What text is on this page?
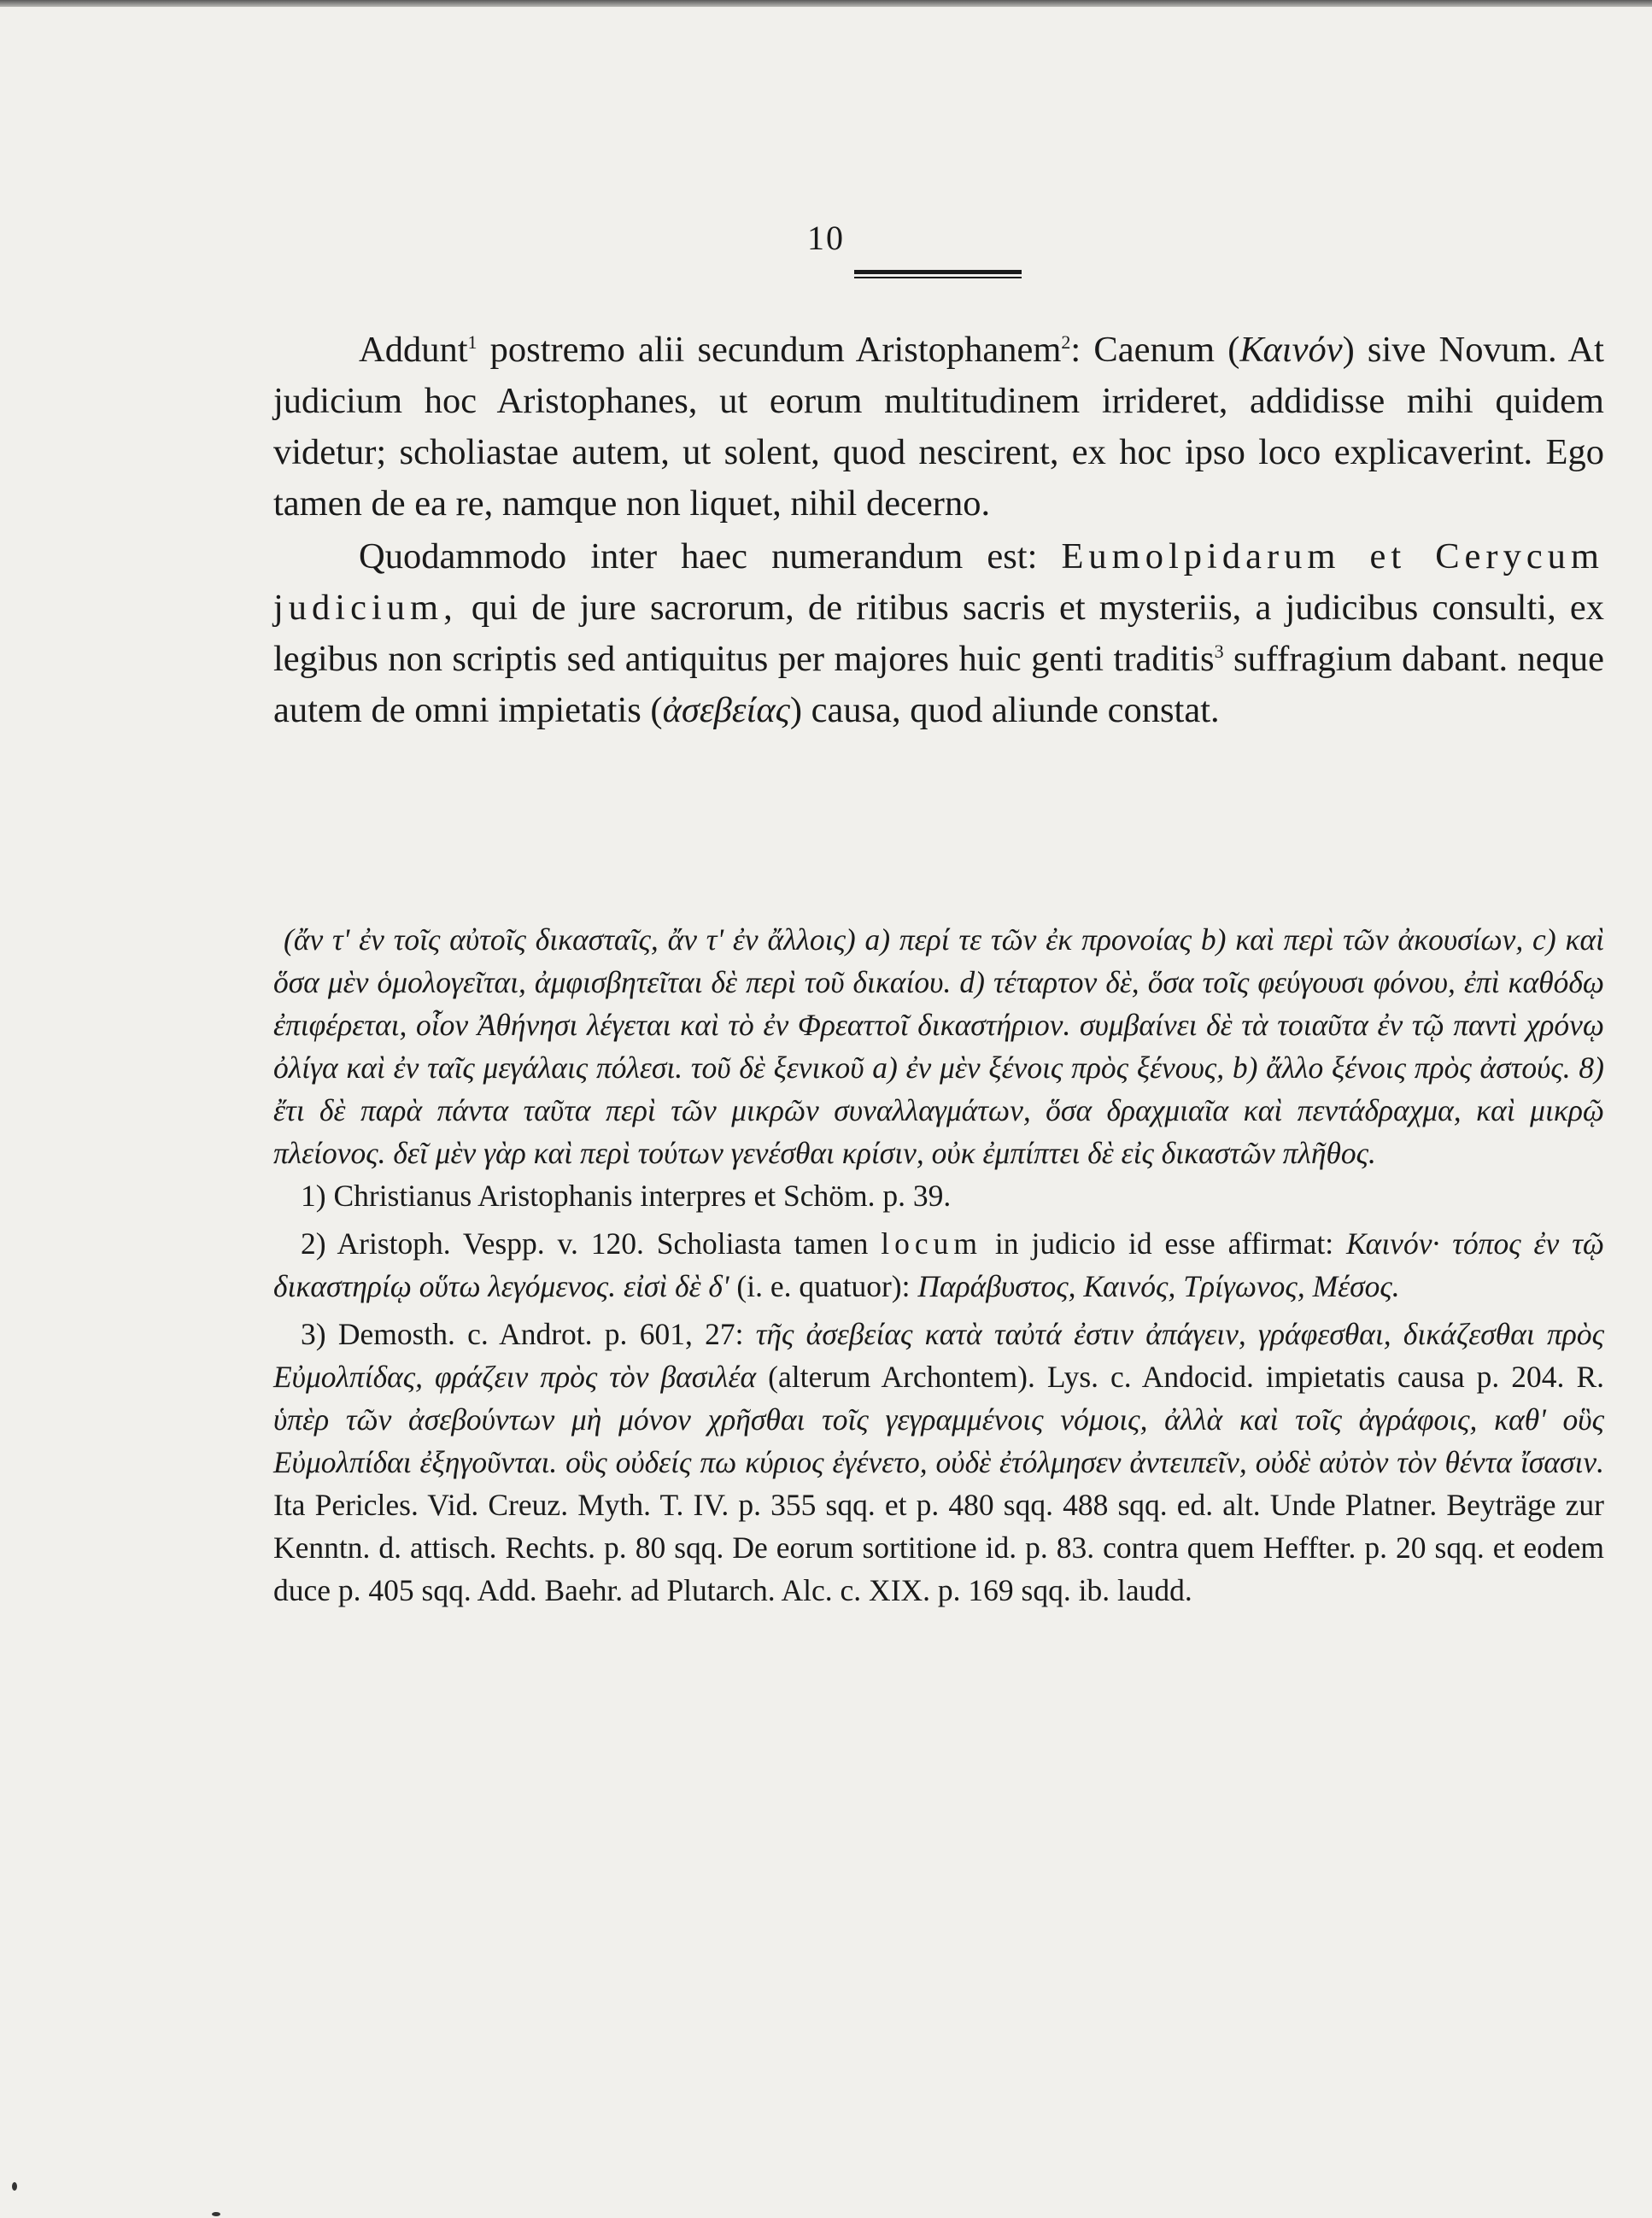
10

Addunt$^1$ postremo alii secundum Aristophanem$^2$: Caenum (Καινόν) sive Novum. At judicium hoc Aristophanes, ut eorum multitudinem irrideret, addidisse mihi quidem videtur; scholiastae autem, ut solent, quod nescirent, ex hoc ipso loco explicaverint. Ego tamen de ea re, namque non liquet, nihil decerno.

Quodammodo inter haec numerandum est: Eumolpidarum et Cerycum judicium, qui de jure sacrorum, de ritibus sacris et mysteriis, a judicibus consulti, ex legibus non scriptis sed antiquitus per majores huic genti traditis$^3$ suffragium dabant. neque autem de omni impietatis (ἀσεβείας) causa, quod aliunde constat.

(ἄν τ' ἐν τοῖς αὐτοῖς δικασταῖς, ἄν τ' ἐν ἄλλοις) a) περί τε τῶν ἐκ προνοίας b) καὶ περὶ τῶν ἀκουσίων, c) καὶ ὅσα μὲν ὁμολογεῖται, ἀμφισβητεῖται δὲ περὶ τοῦ δικαίου. d) τέταρτον δὲ, ὅσα τοῖς φεύγουσι φόνου, ἐπὶ καθόδῳ ἐπιφέρεται, οἷον Ἀθήνησι λέγεται καὶ τὸ ἐν Φρεαττοῖ δικαστήριον. συμβαίνει δὲ τὰ τοιαῦτα ἐν τῷ παντὶ χρόνῳ ὀλίγα καὶ ἐν ταῖς μεγάλαις πόλεσι. τοῦ δὲ ξενικοῦ a) ἐν μὲν ξένοις πρὸς ξένους, b) ἄλλο ξένοις πρὸς ἀστούς. 8) ἔτι δὲ παρὰ πάντα ταῦτα περὶ τῶν μικρῶν συναλλαγμάτων, ὅσα δραχμιαῖα καὶ πεντάδραχμα, καὶ μικρῷ πλείονος. δεῖ μὲν γὰρ καὶ περὶ τούτων γενέσθαι κρίσιν, οὐκ ἐμπίπτει δὲ εἰς δικαστῶν πλῆθος.

1) Christianus Aristophanis interpres et Schöm. p. 39.

2) Aristoph. Vespp. v. 120. Scholiasta tamen locum in judicio id esse affirmat: Καινόν· τόπος ἐν τῷ δικαστηρίῳ οὕτω λεγόμενος. εἰσὶ δὲ δ' (i. e. quatuor): Παράβυστος, Καινός, Τρίγωνος, Μέσος.

3) Demosth. c. Androt. p. 601, 27: τῆς ἀσεβείας κατὰ ταὐτά ἐστιν ἀπάγειν, γράφεσθαι, δικάζεσθαι πρὸς Εὐμολπίδας, φράζειν πρὸς τὸν βασιλέα (alterum Archontem). Lys. c. Andocid. impietatis causa p. 204. R. ὑπὲρ τῶν ἀσεβούντων μὴ μόνον χρῆσθαι τοῖς γεγραμμένοις νόμοις, ἀλλὰ καὶ τοῖς ἀγράφοις, καθ' οὓς Εὐμολπίδαι ἐξηγοῦνται. οὓς οὐδείς πω κύριος ἐγένετο, οὐδὲ ἐτόλμησεν ἀντειπεῖν, οὐδὲ αὐτὸν τὸν θέντα ἴσασιν. Ita Pericles. Vid. Creuz. Myth. T. IV. p. 355 sqq. et p. 480 sqq. 488 sqq. ed. alt. Unde Platner. Beyträge zur Kenntn. d. attisch. Rechts. p. 80 sqq. De eorum sortitione id. p. 83. contra quem Heffter. p. 20 sqq. et eodem duce p. 405 sqq. Add. Baehr. ad Plutarch. Alc. c. XIX. p. 169 sqq. ib. laudd.
